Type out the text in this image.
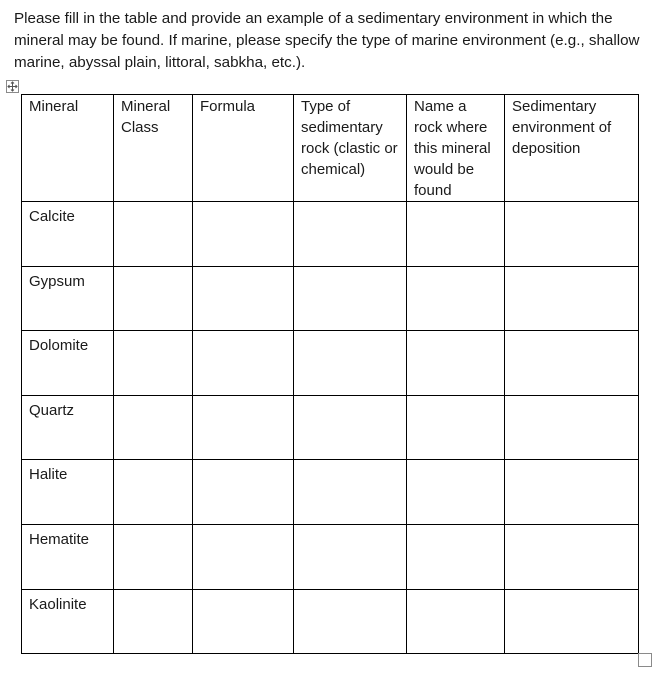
Please fill in the table and provide an example of a sedimentary environment in which the mineral may be found. If marine, please specify the type of marine environment (e.g., shallow marine, abyssal plain, littoral, sabkha, etc.).

Mineral	Mineral Class	Formula	Type of sedimentary rock (clastic or chemical)	Name a rock where this mineral would be found	Sedimentary environment of deposition
Calcite					
Gypsum					
Dolomite					
Quartz					
Halite					
Hematite					
Kaolinite					
